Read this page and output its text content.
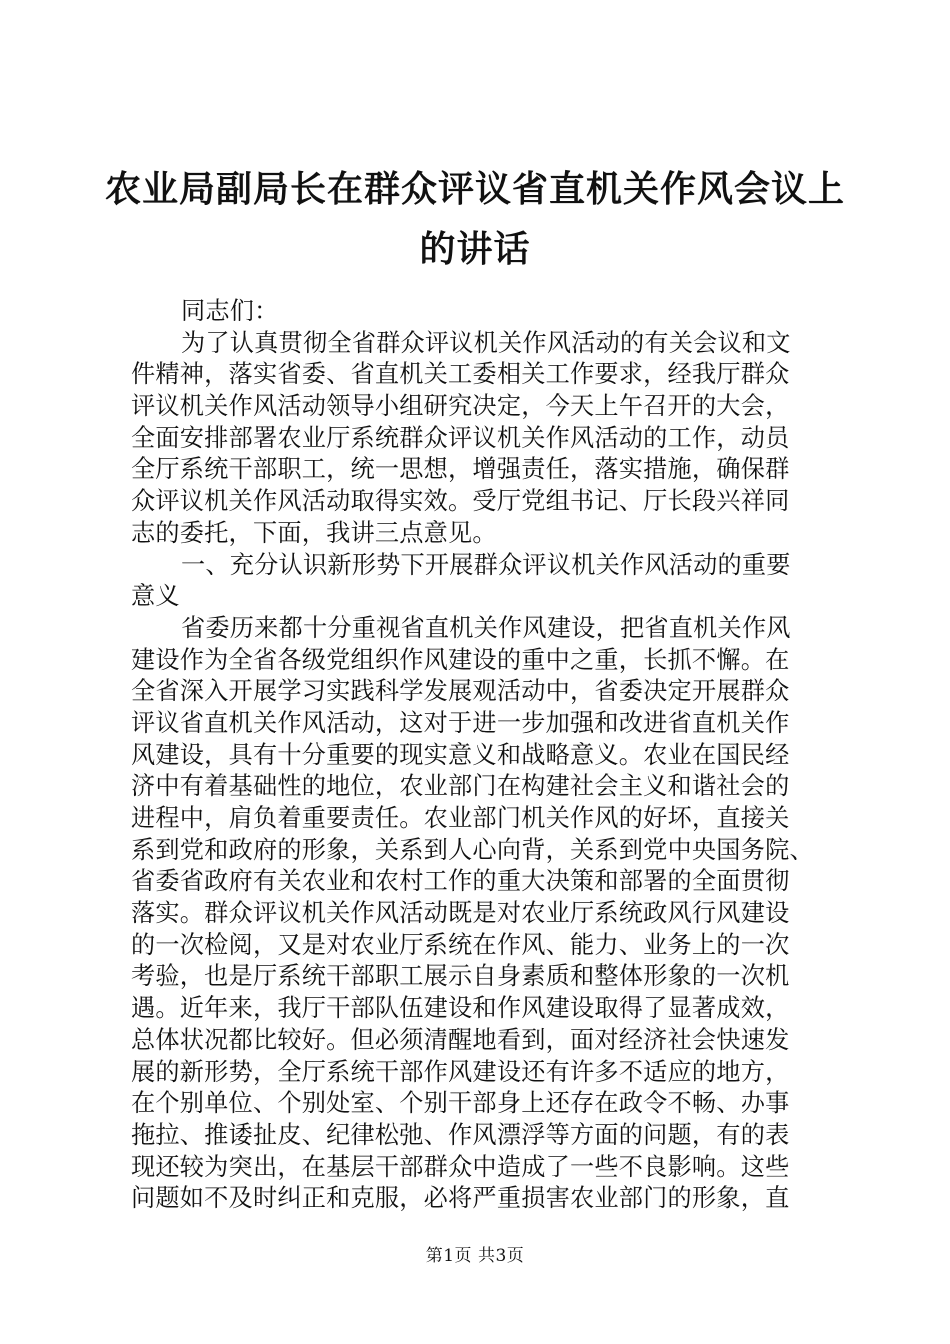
农业局副局长在群众评议省直机关作风会议上
的讲话
同志们：
为了认真贯彻全省群众评议机关作风活动的有关会议和文
件精神，落实省委、省直机关工委相关工作要求，经我厅群众
评议机关作风活动领导小组研究决定，今天上午召开的大会，
全面安排部署农业厅系统群众评议机关作风活动的工作，动员
全厅系统干部职工，统一思想，增强责任，落实措施，确保群
众评议机关作风活动取得实效。受厅党组书记、厅长段兴祥同
志的委托，下面，我讲三点意见。
一、充分认识新形势下开展群众评议机关作风活动的重要
意义
省委历来都十分重视省直机关作风建设，把省直机关作风
建设作为全省各级党组织作风建设的重中之重，长抓不懈。在
全省深入开展学习实践科学发展观活动中，省委决定开展群众
评议省直机关作风活动，这对于进一步加强和改进省直机关作
风建设，具有十分重要的现实意义和战略意义。农业在国民经
济中有着基础性的地位，农业部门在构建社会主义和谐社会的
进程中，肩负着重要责任。农业部门机关作风的好坏，直接关
系到党和政府的形象，关系到人心向背，关系到党中央国务院、
省委省政府有关农业和农村工作的重大决策和部署的全面贯彻
落实。群众评议机关作风活动既是对农业厅系统政风行风建设
的一次检阅，又是对农业厅系统在作风、能力、业务上的一次
考验，也是厅系统干部职工展示自身素质和整体形象的一次机
遇。近年来，我厅干部队伍建设和作风建设取得了显著成效，
总体状况都比较好。但必须清醒地看到，面对经济社会快速发
展的新形势，全厅系统干部作风建设还有许多不适应的地方，
在个别单位、个别处室、个别干部身上还存在政令不畅、办事
拖拉、推诿扯皮、纪律松弛、作风漂浮等方面的问题，有的表
现还较为突出，在基层干部群众中造成了一些不良影响。这些
问题如不及时纠正和克服，必将严重损害农业部门的形象，直
第1页 共3页
